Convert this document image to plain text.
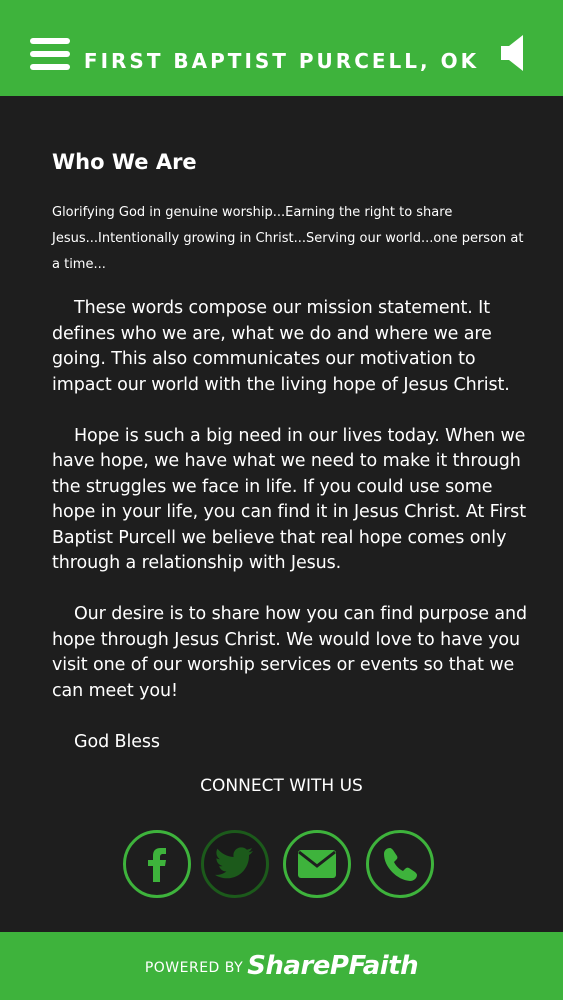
FIRST BAPTIST PURCELL, OK
Who We Are

Glorifying God in genuine worship...Earning the right to share Jesus...Intentionally growing in Christ...Serving our world...one person at a time...

These words compose our mission statement. It defines who we are, what we do and where we are going. This also communicates our motivation to impact our world with the living hope of Jesus Christ.

Hope is such a big need in our lives today. When we have hope, we have what we need to make it through the struggles we face in life. If you could use some hope in your life, you can find it in Jesus Christ. At First Baptist Purcell we believe that real hope comes only through a relationship with Jesus.

Our desire is to share how you can find purpose and hope through Jesus Christ. We would love to have you visit one of our worship services or events so that we can meet you!

God Bless

CONNECT WITH US
POWERED BY SharePFaith
